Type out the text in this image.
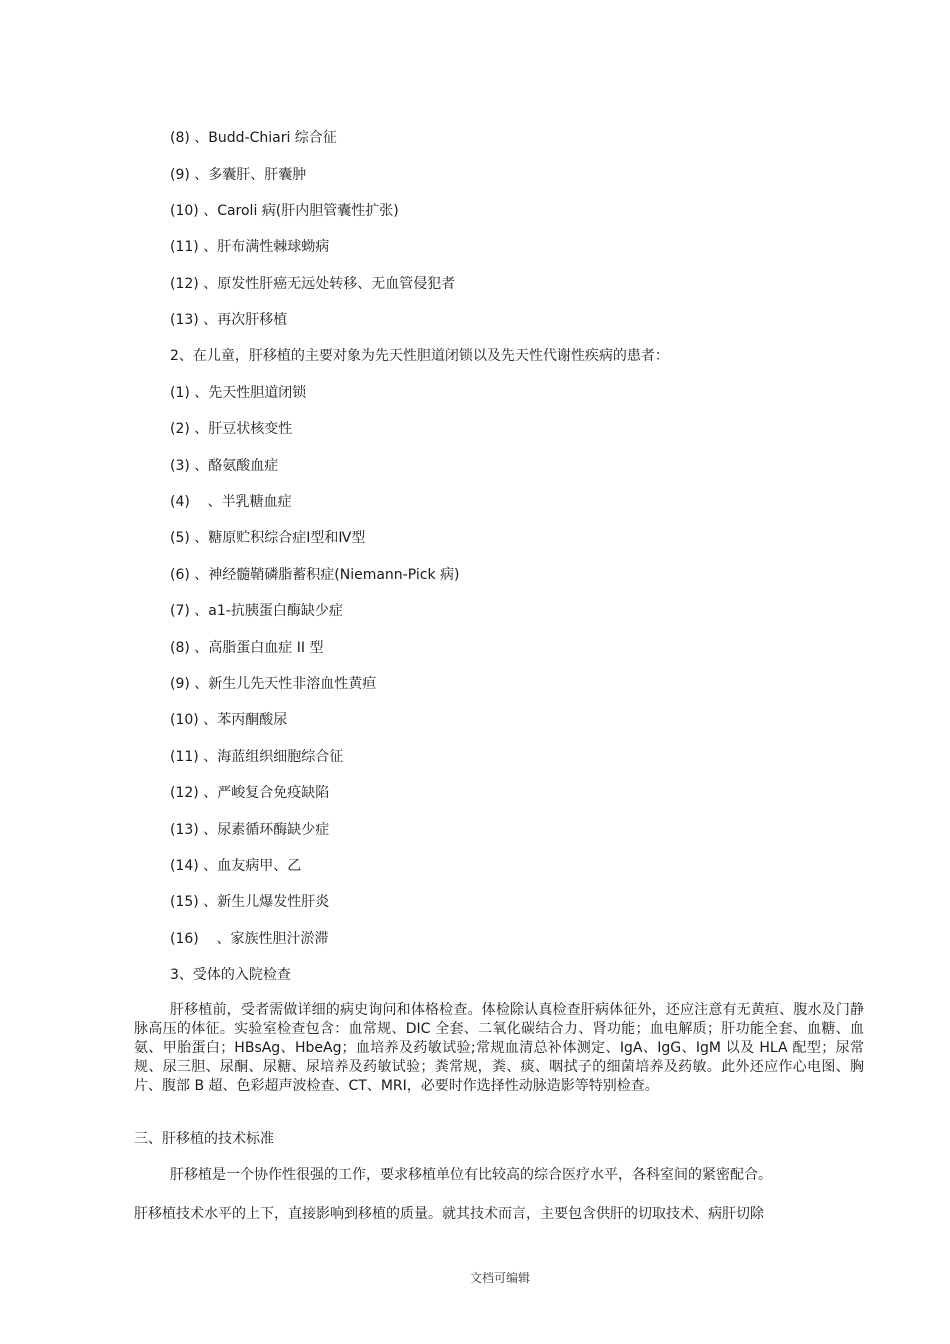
(8) 、Budd-Chiari 综合征
(9) 、多囊肝、肝囊肿
(10) 、Caroli 病(肝内胆管囊性扩张)
(11) 、肝布满性棘球蚴病
(12) 、原发性肝癌无远处转移、无血管侵犯者
(13) 、再次肝移植
2、在儿童，肝移植的主要对象为先天性胆道闭锁以及先天性代谢性疾病的患者：
(1) 、先天性胆道闭锁
(2) 、肝豆状核变性
(3) 、酪氨酸血症
(4)    、半乳糖血症
(5) 、糖原贮积综合症Ⅰ型和Ⅳ型
(6) 、神经髓鞘磷脂蓄积症(Niemann-Pick 病)
(7) 、a1-抗胰蛋白酶缺少症
(8) 、高脂蛋白血症 II 型
(9) 、新生儿先天性非溶血性黄疸
(10) 、苯丙酮酸尿
(11) 、海蓝组织细胞综合征
(12) 、严峻复合免疫缺陷
(13) 、尿素循环酶缺少症
(14) 、血友病甲、乙
(15) 、新生儿爆发性肝炎
(16)    、家族性胆汁淤滞
3、受体的入院检查

肝移植前，受者需做详细的病史询问和体格检查。体检除认真检查肝病体征外，还应注意有无黄疸、腹水及门静脉高压的体征。实验室检查包含：血常规、DIC 全套、二氧化碳结合力、肾功能；血电解质；肝功能全套、血糖、血氨、甲胎蛋白；HBsAg、HbeAg；血培养及药敏试验;常规血清总补体测定、IgA、IgG、IgM 以及 HLA 配型；尿常规、尿三胆、尿酮、尿糖、尿培养及药敏试验；粪常规，粪、痰、咽拭子的细菌培养及药敏。此外还应作心电图、胸片、腹部 B 超、色彩超声波检查、CT、MRI，必要时作选择性动脉造影等特别检查。

三、肝移植的技术标准
肝移植是一个协作性很强的工作，要求移植单位有比较高的综合医疗水平，各科室间的紧密配合。
肝移植技术水平的上下，直接影响到移植的质量。就其技术而言，主要包含供肝的切取技术、病肝切除
文档可编辑
